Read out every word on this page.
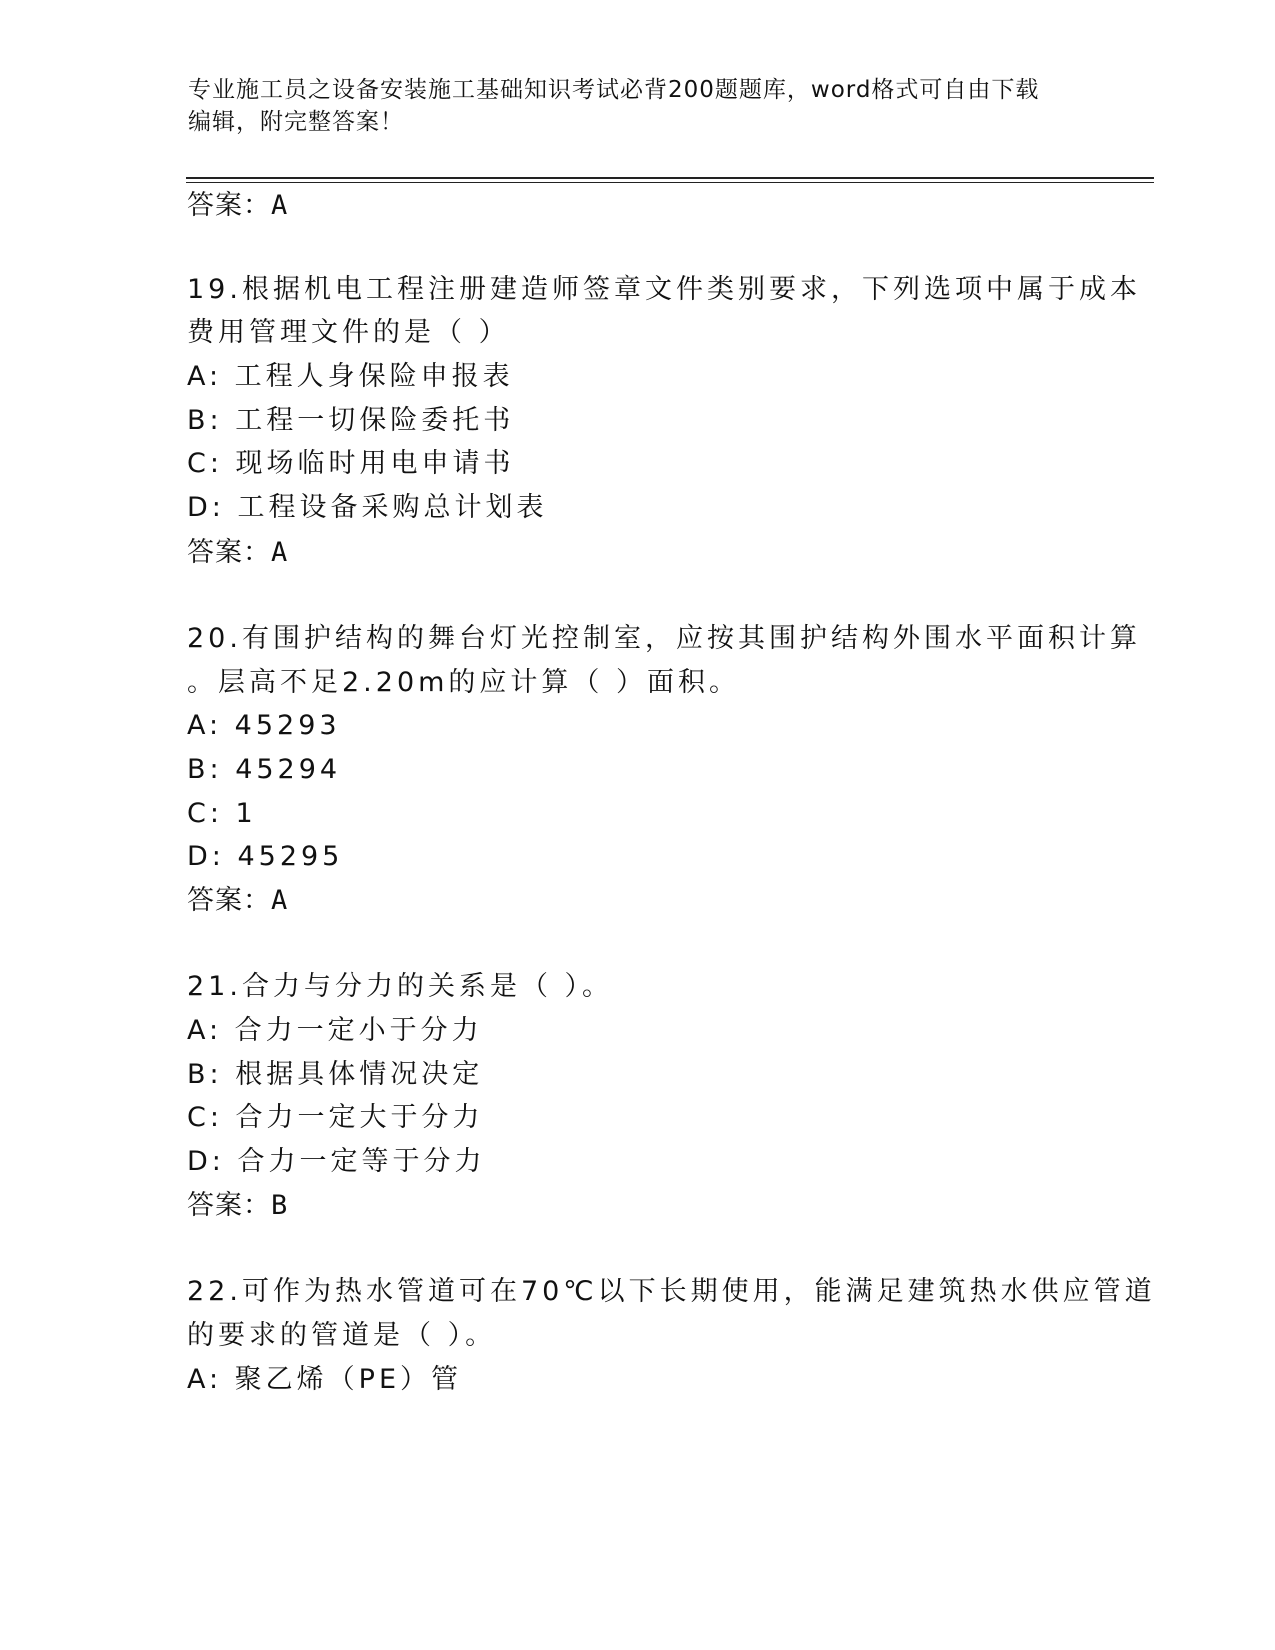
专业施工员之设备安装施工基础知识考试必背200题题库，word格式可自由下载
编辑，附完整答案！
答案：A
19.根据机电工程注册建造师签章文件类别要求，下列选项中属于成本
费用管理文件的是（ ）
A: 工程人身保险申报表
B: 工程一切保险委托书
C: 现场临时用电申请书
D: 工程设备采购总计划表
答案：A
20.有围护结构的舞台灯光控制室，应按其围护结构外围水平面积计算
。层高不足2.20m的应计算（ ）面积。
A: 45293
B: 45294
C: 1
D: 45295
答案：A
21.合力与分力的关系是（ ）。
A: 合力一定小于分力
B: 根据具体情况决定
C: 合力一定大于分力
D: 合力一定等于分力
答案：B
22.可作为热水管道可在70℃以下长期使用，能满足建筑热水供应管道
的要求的管道是（ ）。
A: 聚乙烯（PE）管
